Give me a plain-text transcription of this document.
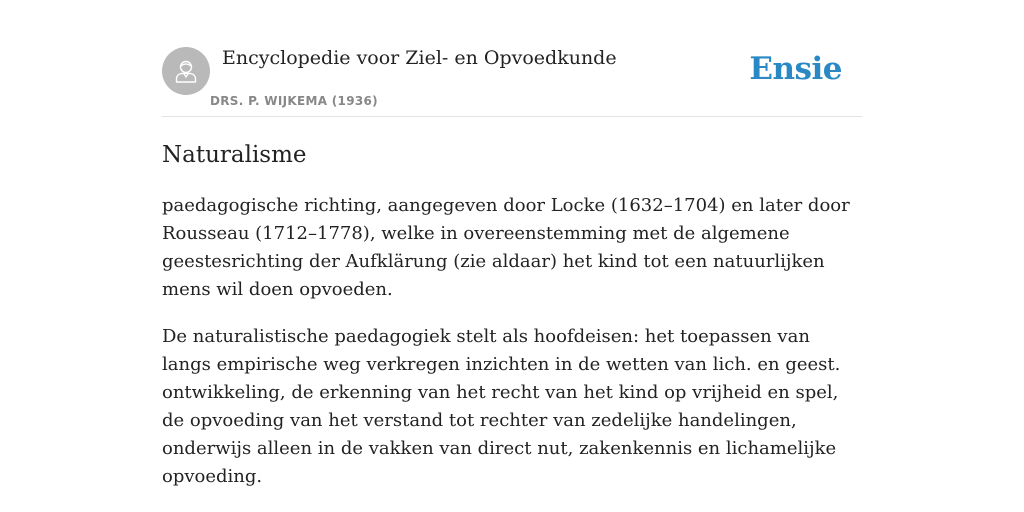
Encyclopedie voor Ziel- en Opvoedkunde
DRS. P. WIJKEMA (1936)
Ensie
Naturalisme

paedagogische richting, aangegeven door Locke (1632–1704) en later door Rousseau (1712–1778), welke in overeenstemming met de algemene geestesrichting der Aufklärung (zie aldaar) het kind tot een natuurlijken mens wil doen opvoeden.

De naturalistische paedagogiek stelt als hoofdeisen: het toepassen van langs empirische weg verkregen inzichten in de wetten van lich. en geest. ontwikkeling, de erkenning van het recht van het kind op vrijheid en spel, de opvoeding van het verstand tot rechter van zedelijke handelingen, onderwijs alleen in de vakken van direct nut, zakenkennis en lichamelijke opvoeding.
